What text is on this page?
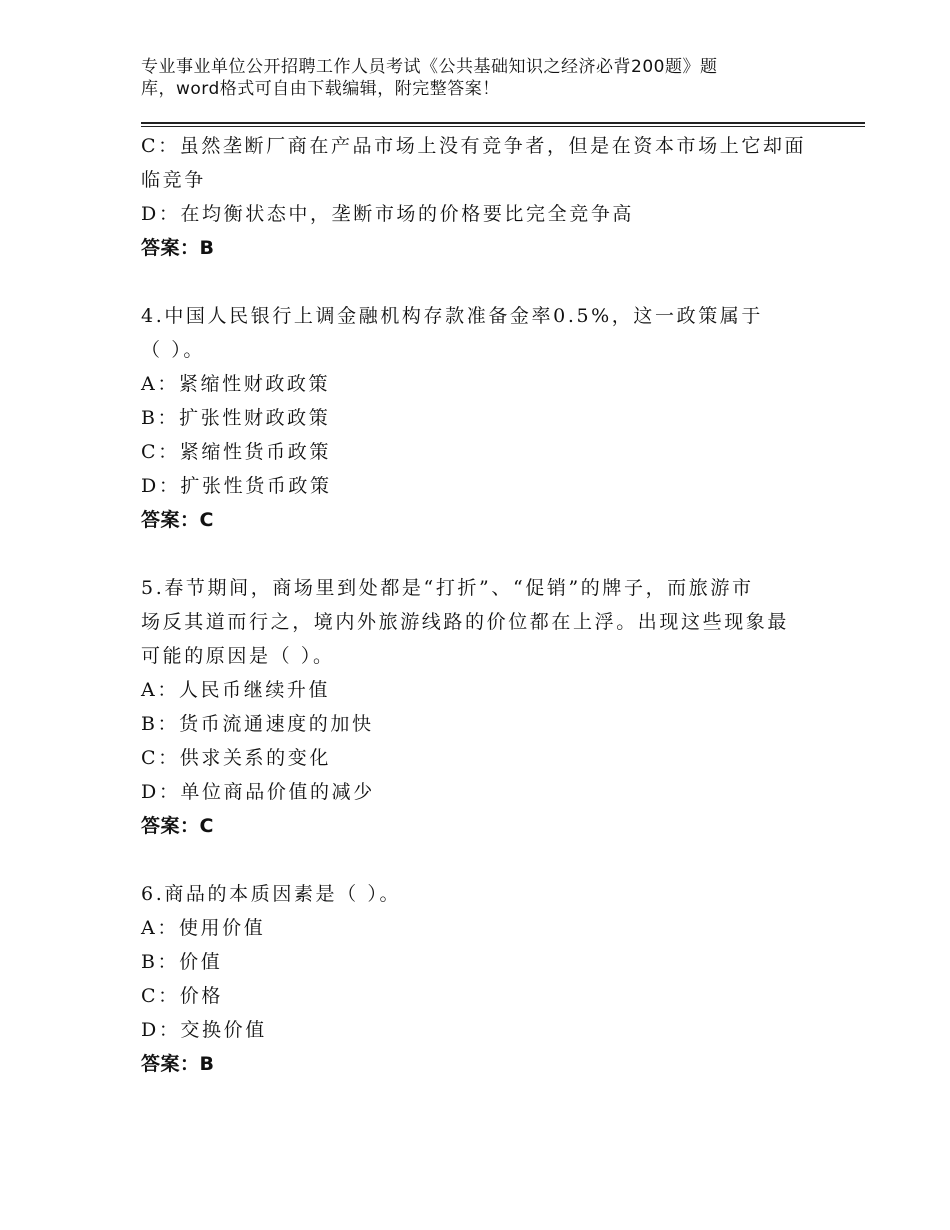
专业事业单位公开招聘工作人员考试《公共基础知识之经济必背200题》题
库，word格式可自由下载编辑，附完整答案！
C：虽然垄断厂商在产品市场上没有竞争者，但是在资本市场上它却面
临竞争
D：在均衡状态中，垄断市场的价格要比完全竞争高
答案：B
4.中国人民银行上调金融机构存款准备金率0.5%，这一政策属于
（ ）。
A：紧缩性财政政策
B：扩张性财政政策
C：紧缩性货币政策
D：扩张性货币政策
答案：C
5.春节期间，商场里到处都是“打折”、“促销”的牌子，而旅游市
场反其道而行之，境内外旅游线路的价位都在上浮。出现这些现象最
可能的原因是（ ）。
A：人民币继续升值
B：货币流通速度的加快
C：供求关系的变化
D：单位商品价值的减少
答案：C
6.商品的本质因素是（ ）。
A：使用价值
B：价值
C：价格
D：交换价值
答案：B
